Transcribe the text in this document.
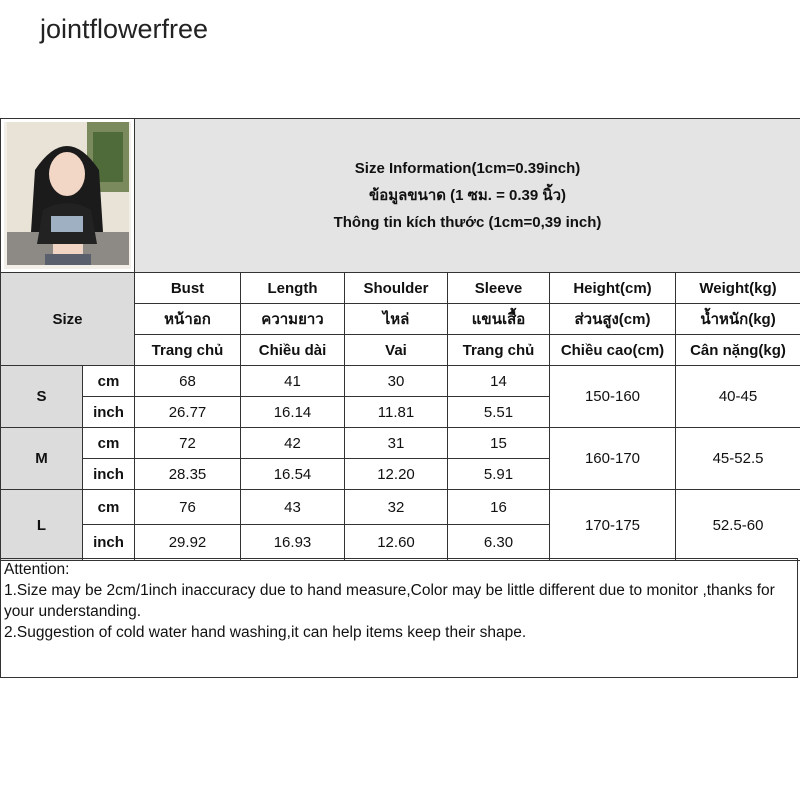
jointflowerfree

Size Information(1cm=0.39inch)
ข้อมูลขนาด (1 ซม. = 0.39 นิ้ว)
Thông tin kích thước (1cm=0,39 inch)					

Size		Bust	Length	Shoulder	Sleeve	Height(cm)	Weight(kg)
		หน้าอก	ความยาว	ไหล่	แขนเสื้อ	ส่วนสูง(cm)	น้ำหนัก(kg)
		Trang chủ	Chiều dài	Vai	Trang chủ	Chiều cao(cm)	Cân nặng(kg)
S	cm	68	41	30	14	150-160	40-45
	inch	26.77	16.14	11.81	5.51		
M	cm	72	42	31	15	160-170	45-52.5
	inch	28.35	16.54	12.20	5.91		
L	cm	76	43	32	16	170-175	52.5-60
	inch	29.92	16.93	12.60	6.30		
Attention:
1.Size may be 2cm/1inch inaccuracy due to hand measure,Color may be little different due to monitor ,thanks for your understanding.
2.Suggestion of cold water hand washing,it can help items keep their shape.
